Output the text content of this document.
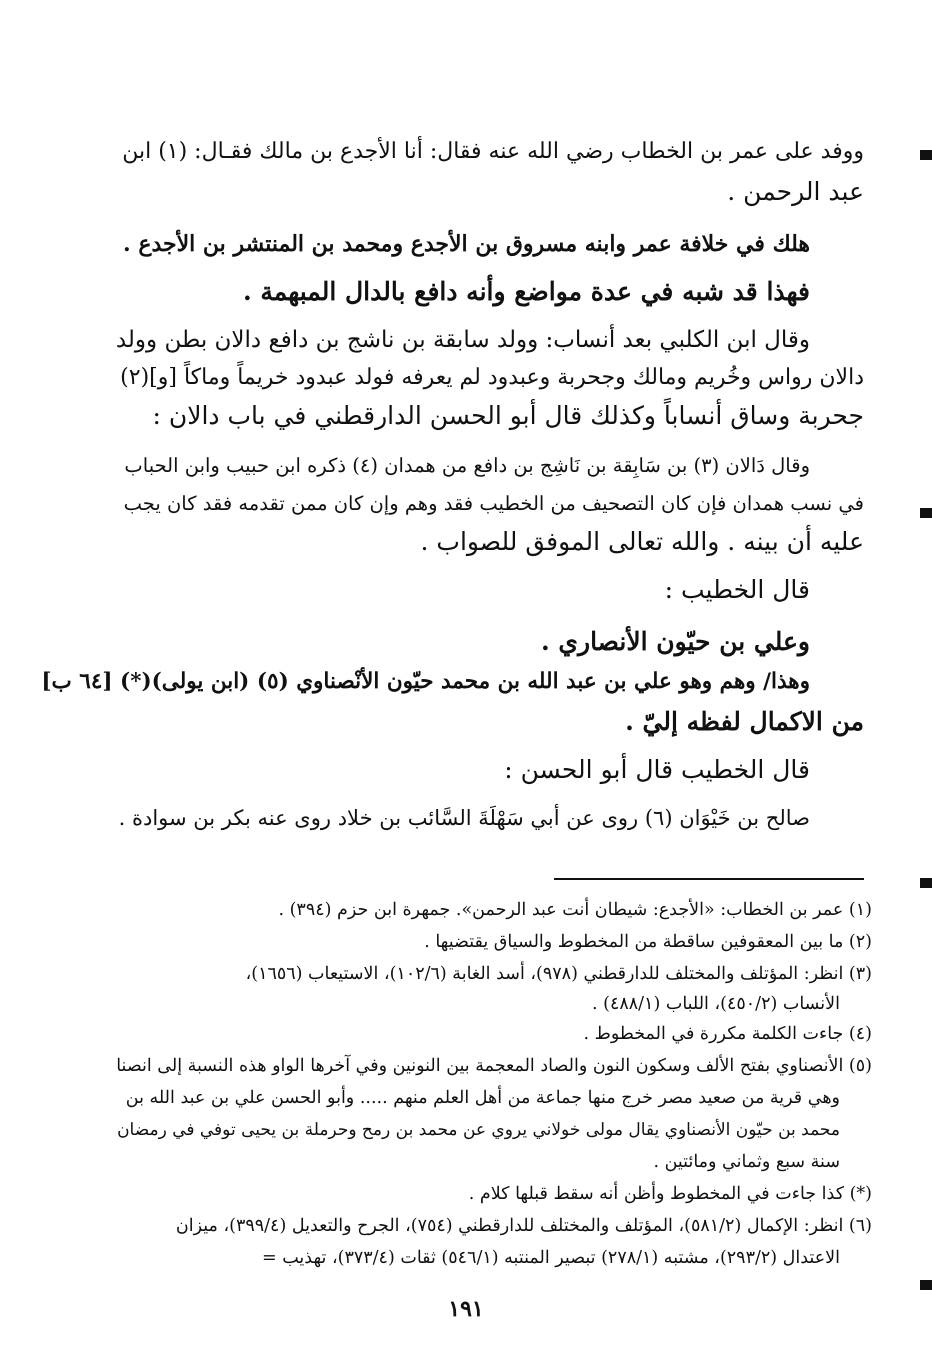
ووفد على عمر بن الخطاب رضي الله عنه فقال: أنا الأجدع بن مالك فقـال: (١) ابن
عبد الرحمن .
هلك في خلافة عمر وابنه مسروق بن الأجدع ومحمد بن المنتشر بن الأجدع .
فهذا قد شبه في عدة مواضع وأنه دافع بالدال المبهمة .
وقال ابن الكلبي بعد أنساب: وولد سابقة بن ناشج بن دافع دالان بطن وولد
دالان رواس وخُريم ومالك وجحربة وعبدود لم يعرفه فولد عبدود خريماً وماكاً [و](٢)
جحربة وساق أنساباً وكذلك قال أبو الحسن الدارقطني في باب دالان :
وقال دَالان (٣) بن سَابِقة بن نَاشِج بن دافع من همدان (٤) ذكره ابن حبيب وابن الحباب
في نسب همدان فإن كان التصحيف من الخطيب فقد وهم وإن كان ممن تقدمه فقد كان يجب
عليه أن بينه . والله تعالى الموفق للصواب .
قال الخطيب :
وعلي بن حيّون الأنصاري .
وهذا/ وهم وهو علي بن عبد الله بن محمد حيّون الأنْصناوي (٥) (ابن يولى)(*) [٦٤ ب]
من الاكمال لفظه إليّ .
قال الخطيب قال أبو الحسن :
صالح بن خَيْوَان (٦) روى عن أبي سَهْلَةَ السَّائب بن خلاد روى عنه بكر بن سوادة .
(١) عمر بن الخطاب: «الأجدع: شيطان أنت عبد الرحمن». جمهرة ابن حزم (٣٩٤) .
(٢) ما بين المعقوفين ساقطة من المخطوط والسياق يقتضيها .
(٣) انظر: المؤتلف والمختلف للدارقطني (٩٧٨)، أسد الغابة (١٠٢/٦)، الاستيعاب (١٦٥٦)،
الأنساب (٤٥٠/٢)، اللباب (٤٨٨/١) .
(٤) جاءت الكلمة مكررة في المخطوط .
(٥) الأنصناوي بفتح الألف وسكون النون والصاد المعجمة بين النونين وفي آخرها الواو هذه النسبة إلى انصنا
وهي قرية من صعيد مصر خرج منها جماعة من أهل العلم منهم ..... وأبو الحسن علي بن عبد الله بن
محمد بن حيّون الأنصناوي يقال مولى خولاني يروي عن محمد بن رمح وحرملة بن يحيى توفي في رمضان
سنة سبع وثماني ومائتين .
(*) كذا جاءت في المخطوط وأظن أنه سقط قبلها كلام .
(٦) انظر: الإكمال (٥٨١/٢)، المؤتلف والمختلف للدارقطني (٧٥٤)، الجرح والتعديل (٣٩٩/٤)، ميزان
الاعتدال (٢٩٣/٢)، مشتبه (٢٧٨/١) تبصير المنتبه (٥٤٦/١) ثقات (٣٧٣/٤)، تهذيب =
١٩١
